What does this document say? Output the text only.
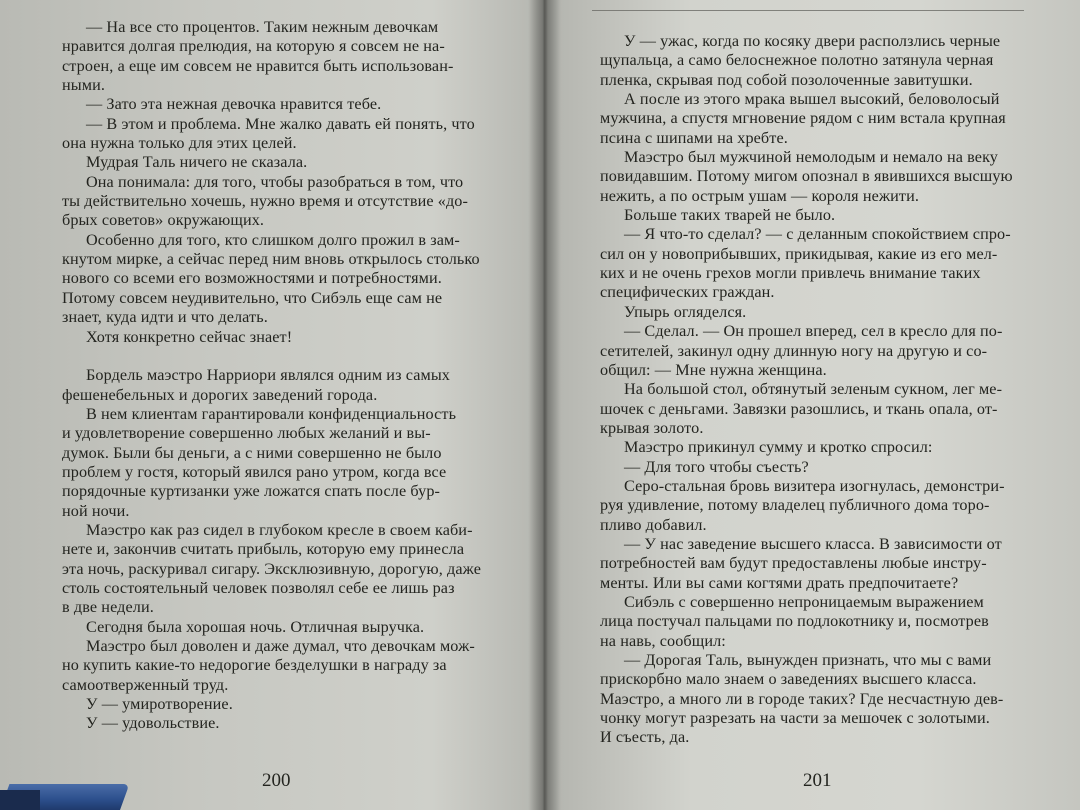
— На все сто процентов. Таким нежным девочкам
нравится долгая прелюдия, на которую я совсем не на-
строен, а еще им совсем не нравится быть использован-
ными.
— Зато эта нежная девочка нравится тебе.
— В этом и проблема. Мне жалко давать ей понять, что
она нужна только для этих целей.
Мудрая Таль ничего не сказала.
Она понимала: для того, чтобы разобраться в том, что
ты действительно хочешь, нужно время и отсутствие «до-
брых советов» окружающих.
Особенно для того, кто слишком долго прожил в зам-
кнутом мирке, а сейчас перед ним вновь открылось столько
нового со всеми его возможностями и потребностями.
Потому совсем неудивительно, что Сибэль еще сам не
знает, куда идти и что делать.
Хотя конкретно сейчас знает!
Бордель маэстро Нарриори являлся одним из самых
фешенебельных и дорогих заведений города.
В нем клиентам гарантировали конфиденциальность
и удовлетворение совершенно любых желаний и вы-
думок. Были бы деньги, а с ними совершенно не было
проблем у гостя, который явился рано утром, когда все
порядочные куртизанки уже ложатся спать после бур-
ной ночи.
Маэстро как раз сидел в глубоком кресле в своем каби-
нете и, закончив считать прибыль, которую ему принесла
эта ночь, раскуривал сигару. Эксклюзивную, дорогую, даже
столь состоятельный человек позволял себе ее лишь раз
в две недели.
Сегодня была хорошая ночь. Отличная выручка.
Маэстро был доволен и даже думал, что девочкам мож-
но купить какие-то недорогие безделушки в награду за
самоотверженный труд.
У — умиротворение.
У — удовольствие.
200
У — ужас, когда по косяку двери расползлись черные
щупальца, а само белоснежное полотно затянула черная
пленка, скрывая под собой позолоченные завитушки.
А после из этого мрака вышел высокий, беловолосый
мужчина, а спустя мгновение рядом с ним встала крупная
псина с шипами на хребте.
Маэстро был мужчиной немолодым и немало на веку
повидавшим. Потому мигом опознал в явившихся высшую
нежить, а по острым ушам — короля нежити.
Больше таких тварей не было.
— Я что-то сделал? — с деланным спокойствием спро-
сил он у новоприбывших, прикидывая, какие из его мел-
ких и не очень грехов могли привлечь внимание таких
специфических граждан.
Упырь огляделся.
— Сделал. — Он прошел вперед, сел в кресло для по-
сетителей, закинул одну длинную ногу на другую и со-
общил: — Мне нужна женщина.
На большой стол, обтянутый зеленым сукном, лег ме-
шочек с деньгами. Завязки разошлись, и ткань опала, от-
крывая золото.
Маэстро прикинул сумму и кротко спросил:
— Для того чтобы съесть?
Серо-стальная бровь визитера изогнулась, демонстри-
руя удивление, потому владелец публичного дома торо-
пливо добавил.
— У нас заведение высшего класса. В зависимости от
потребностей вам будут предоставлены любые инстру-
менты. Или вы сами когтями драть предпочитаете?
Сибэль с совершенно непроницаемым выражением
лица постучал пальцами по подлокотнику и, посмотрев
на навь, сообщил:
— Дорогая Таль, вынужден признать, что мы с вами
прискорбно мало знаем о заведениях высшего класса.
Маэстро, а много ли в городе таких? Где несчастную дев-
чонку могут разрезать на части за мешочек с золотыми.
И съесть, да.
201
